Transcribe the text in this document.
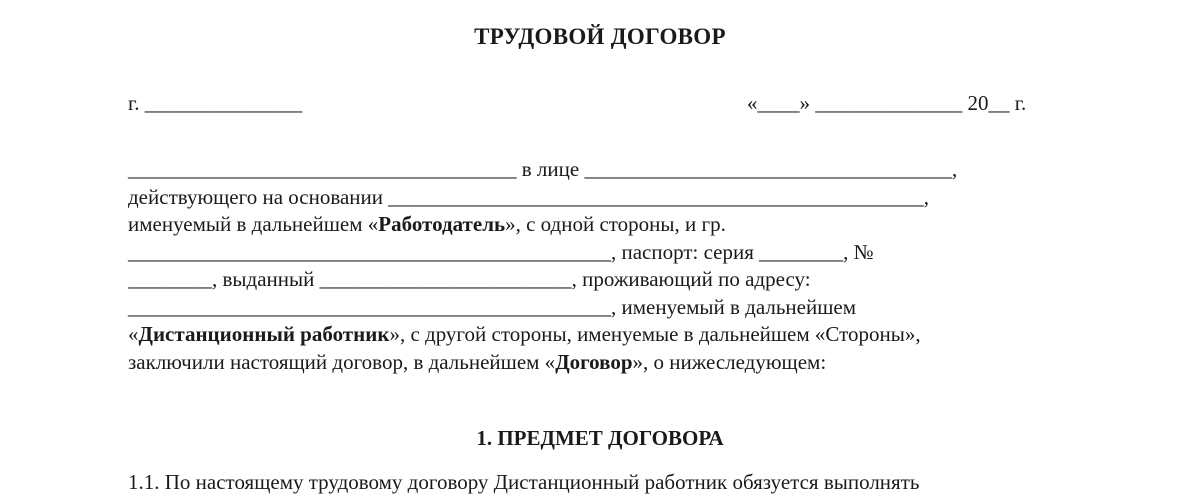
ТРУДОВОЙ ДОГОВОР
г. _______________	«____» ______________ 20__ г.
_____________________________________ в лице ___________________________________,
действующего на основании ___________________________________________________,
именуемый в дальнейшем «Работодатель», с одной стороны, и гр.
______________________________________________, паспорт: серия ________, №
________, выданный ________________________, проживающий по адресу:
______________________________________________, именуемый в дальнейшем
«Дистанционный работник», с другой стороны, именуемые в дальнейшем «Стороны»,
заключили настоящий договор, в дальнейшем «Договор», о нижеследующем:
1. ПРЕДМЕТ ДОГОВОРА
1.1. По настоящему трудовому договору Дистанционный работник обязуется выполнять
